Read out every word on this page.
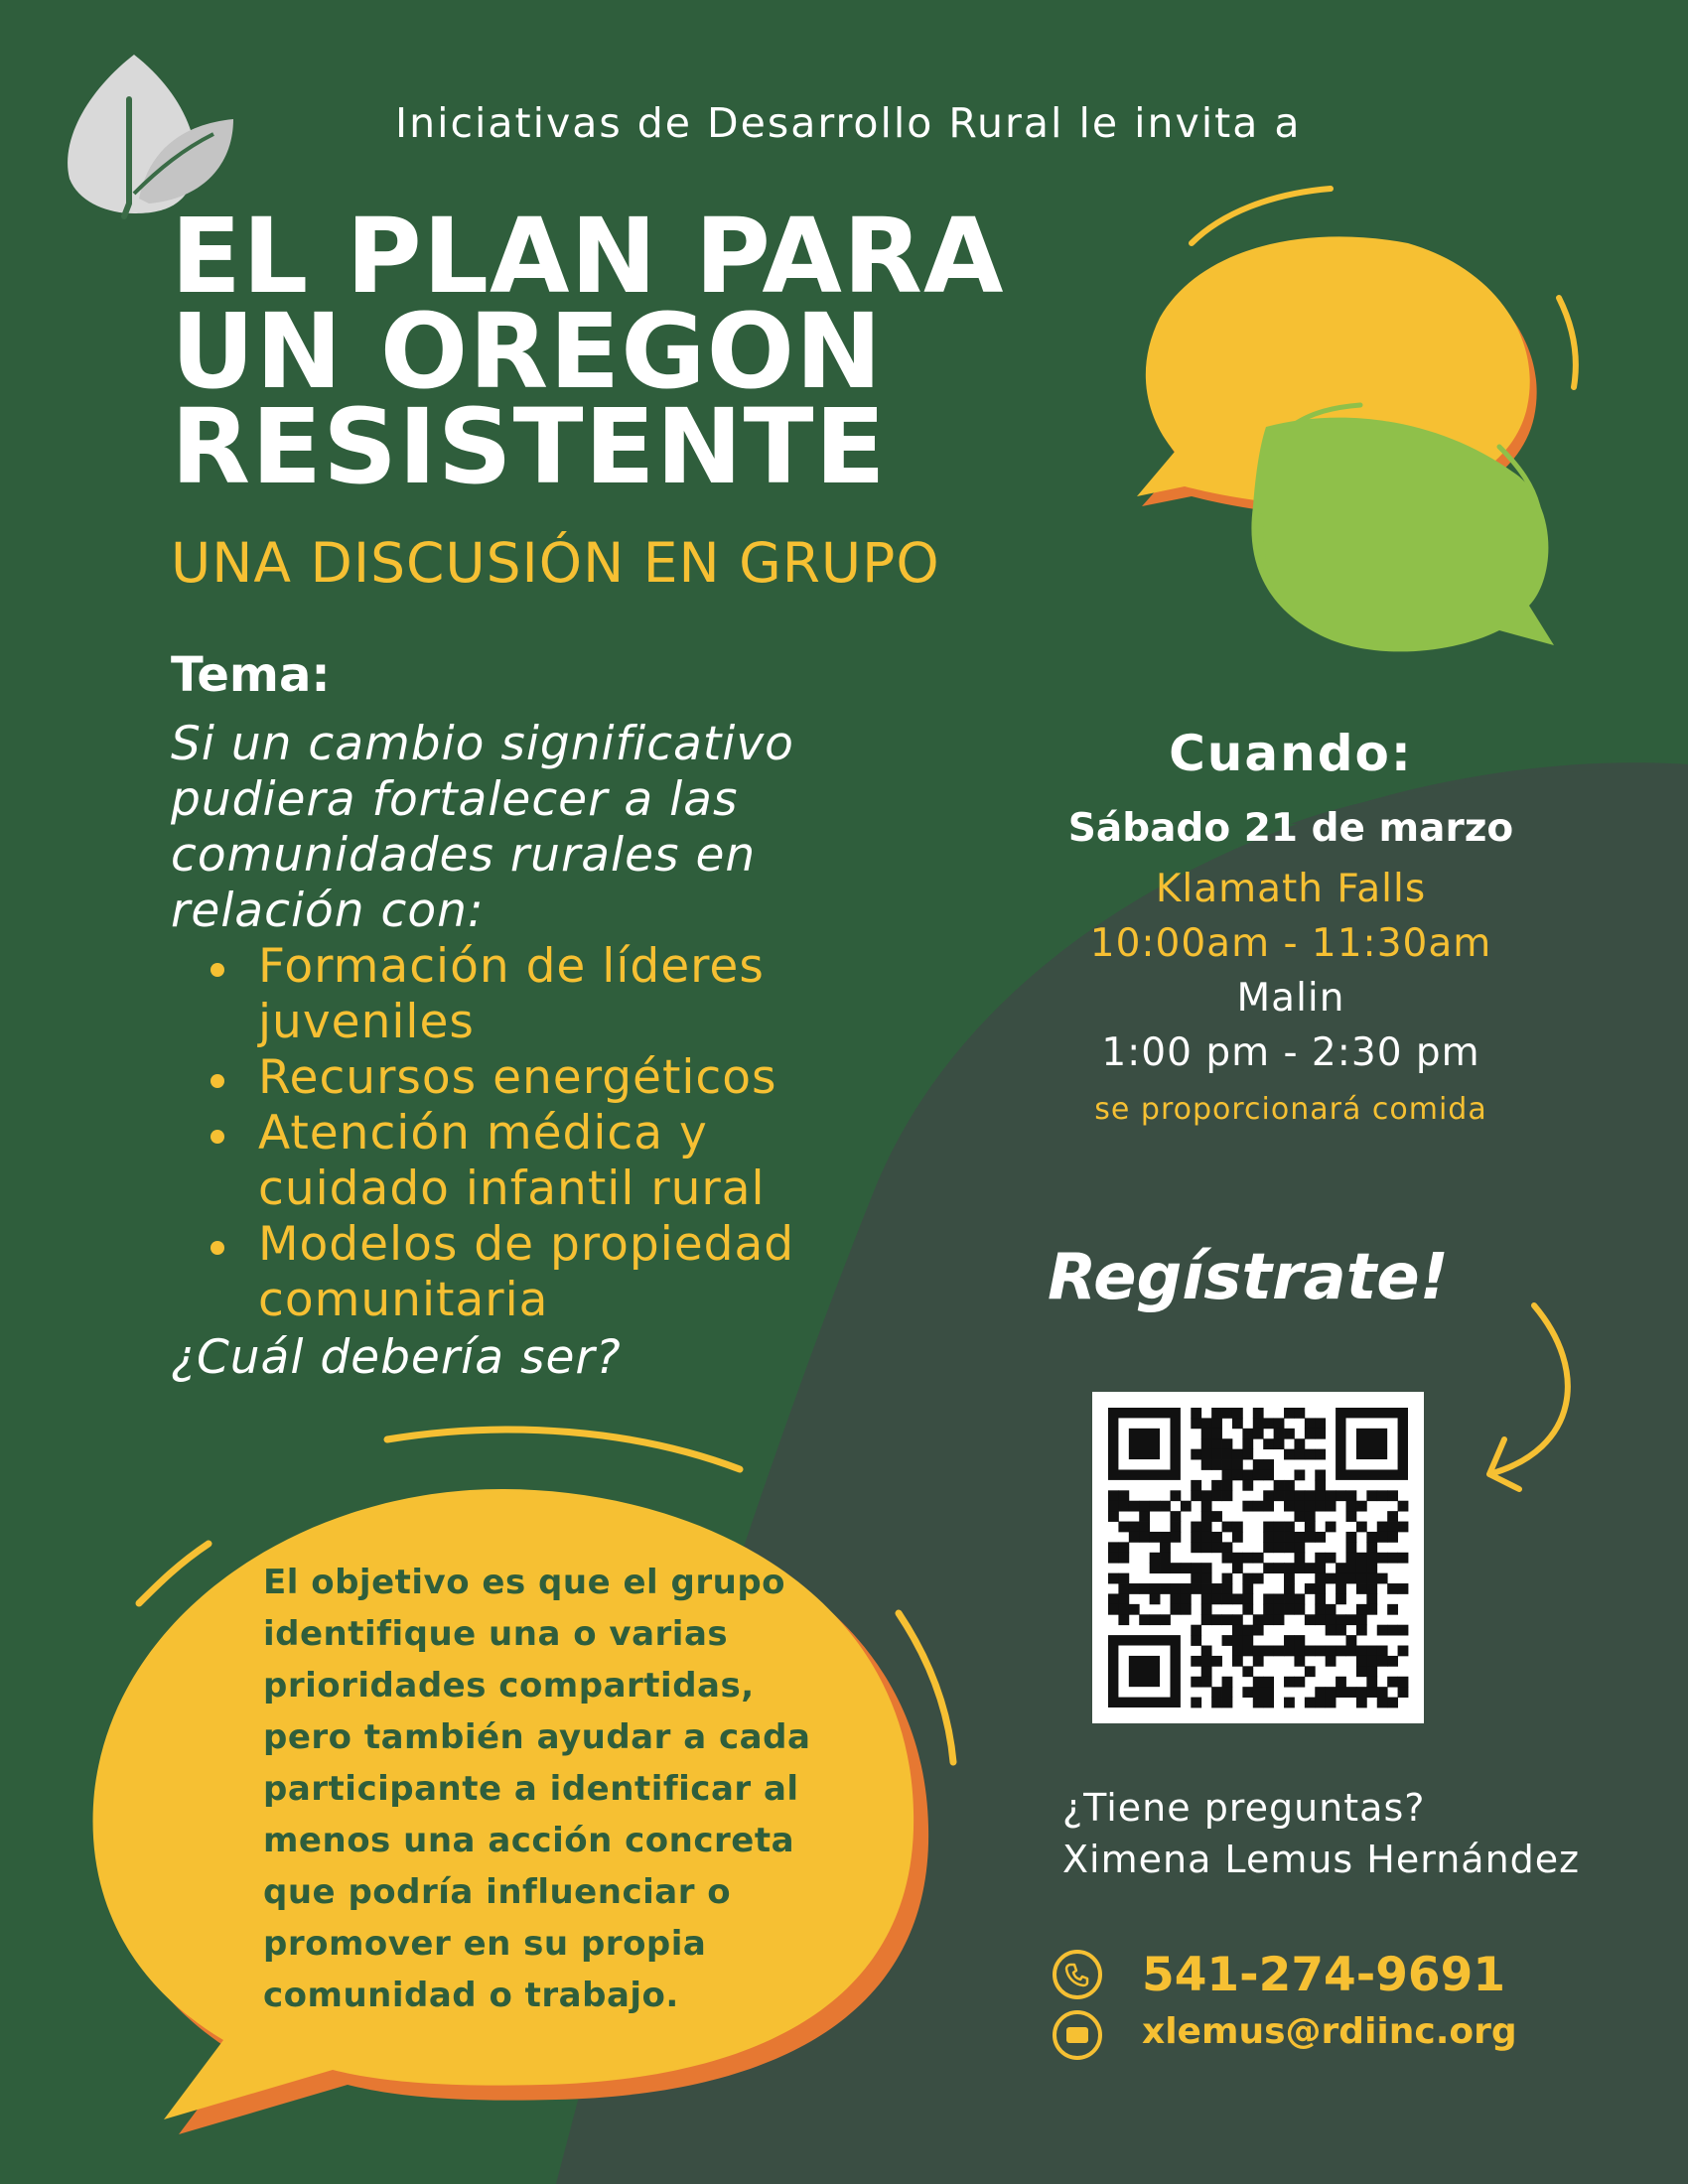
Iniciativas de Desarrollo Rural le invita a
EL PLAN PARA
UN OREGON
RESISTENTE
UNA DISCUSIÓN EN GRUPO
Tema:
Si un cambio significativo pudiera fortalecer a las comunidades rurales en relación con:
Formación de líderes juveniles
Recursos energéticos
Atención médica y cuidado infantil rural
Modelos de propiedad comunitaria
¿Cuál debería ser?
Cuando:
Sábado 21 de marzo
Klamath Falls
10:00am - 11:30am
Malin
1:00 pm - 2:30 pm
se proporcionará comida
Regístrate!
El objetivo es que el grupo identifique una o varias prioridades compartidas, pero también ayudar a cada participante a identificar al menos una acción concreta que podría influenciar o promover en su propia comunidad o trabajo.
¿Tiene preguntas?
Ximena Lemus Hernández
541-274-9691
xlemus@rdiinc.org
